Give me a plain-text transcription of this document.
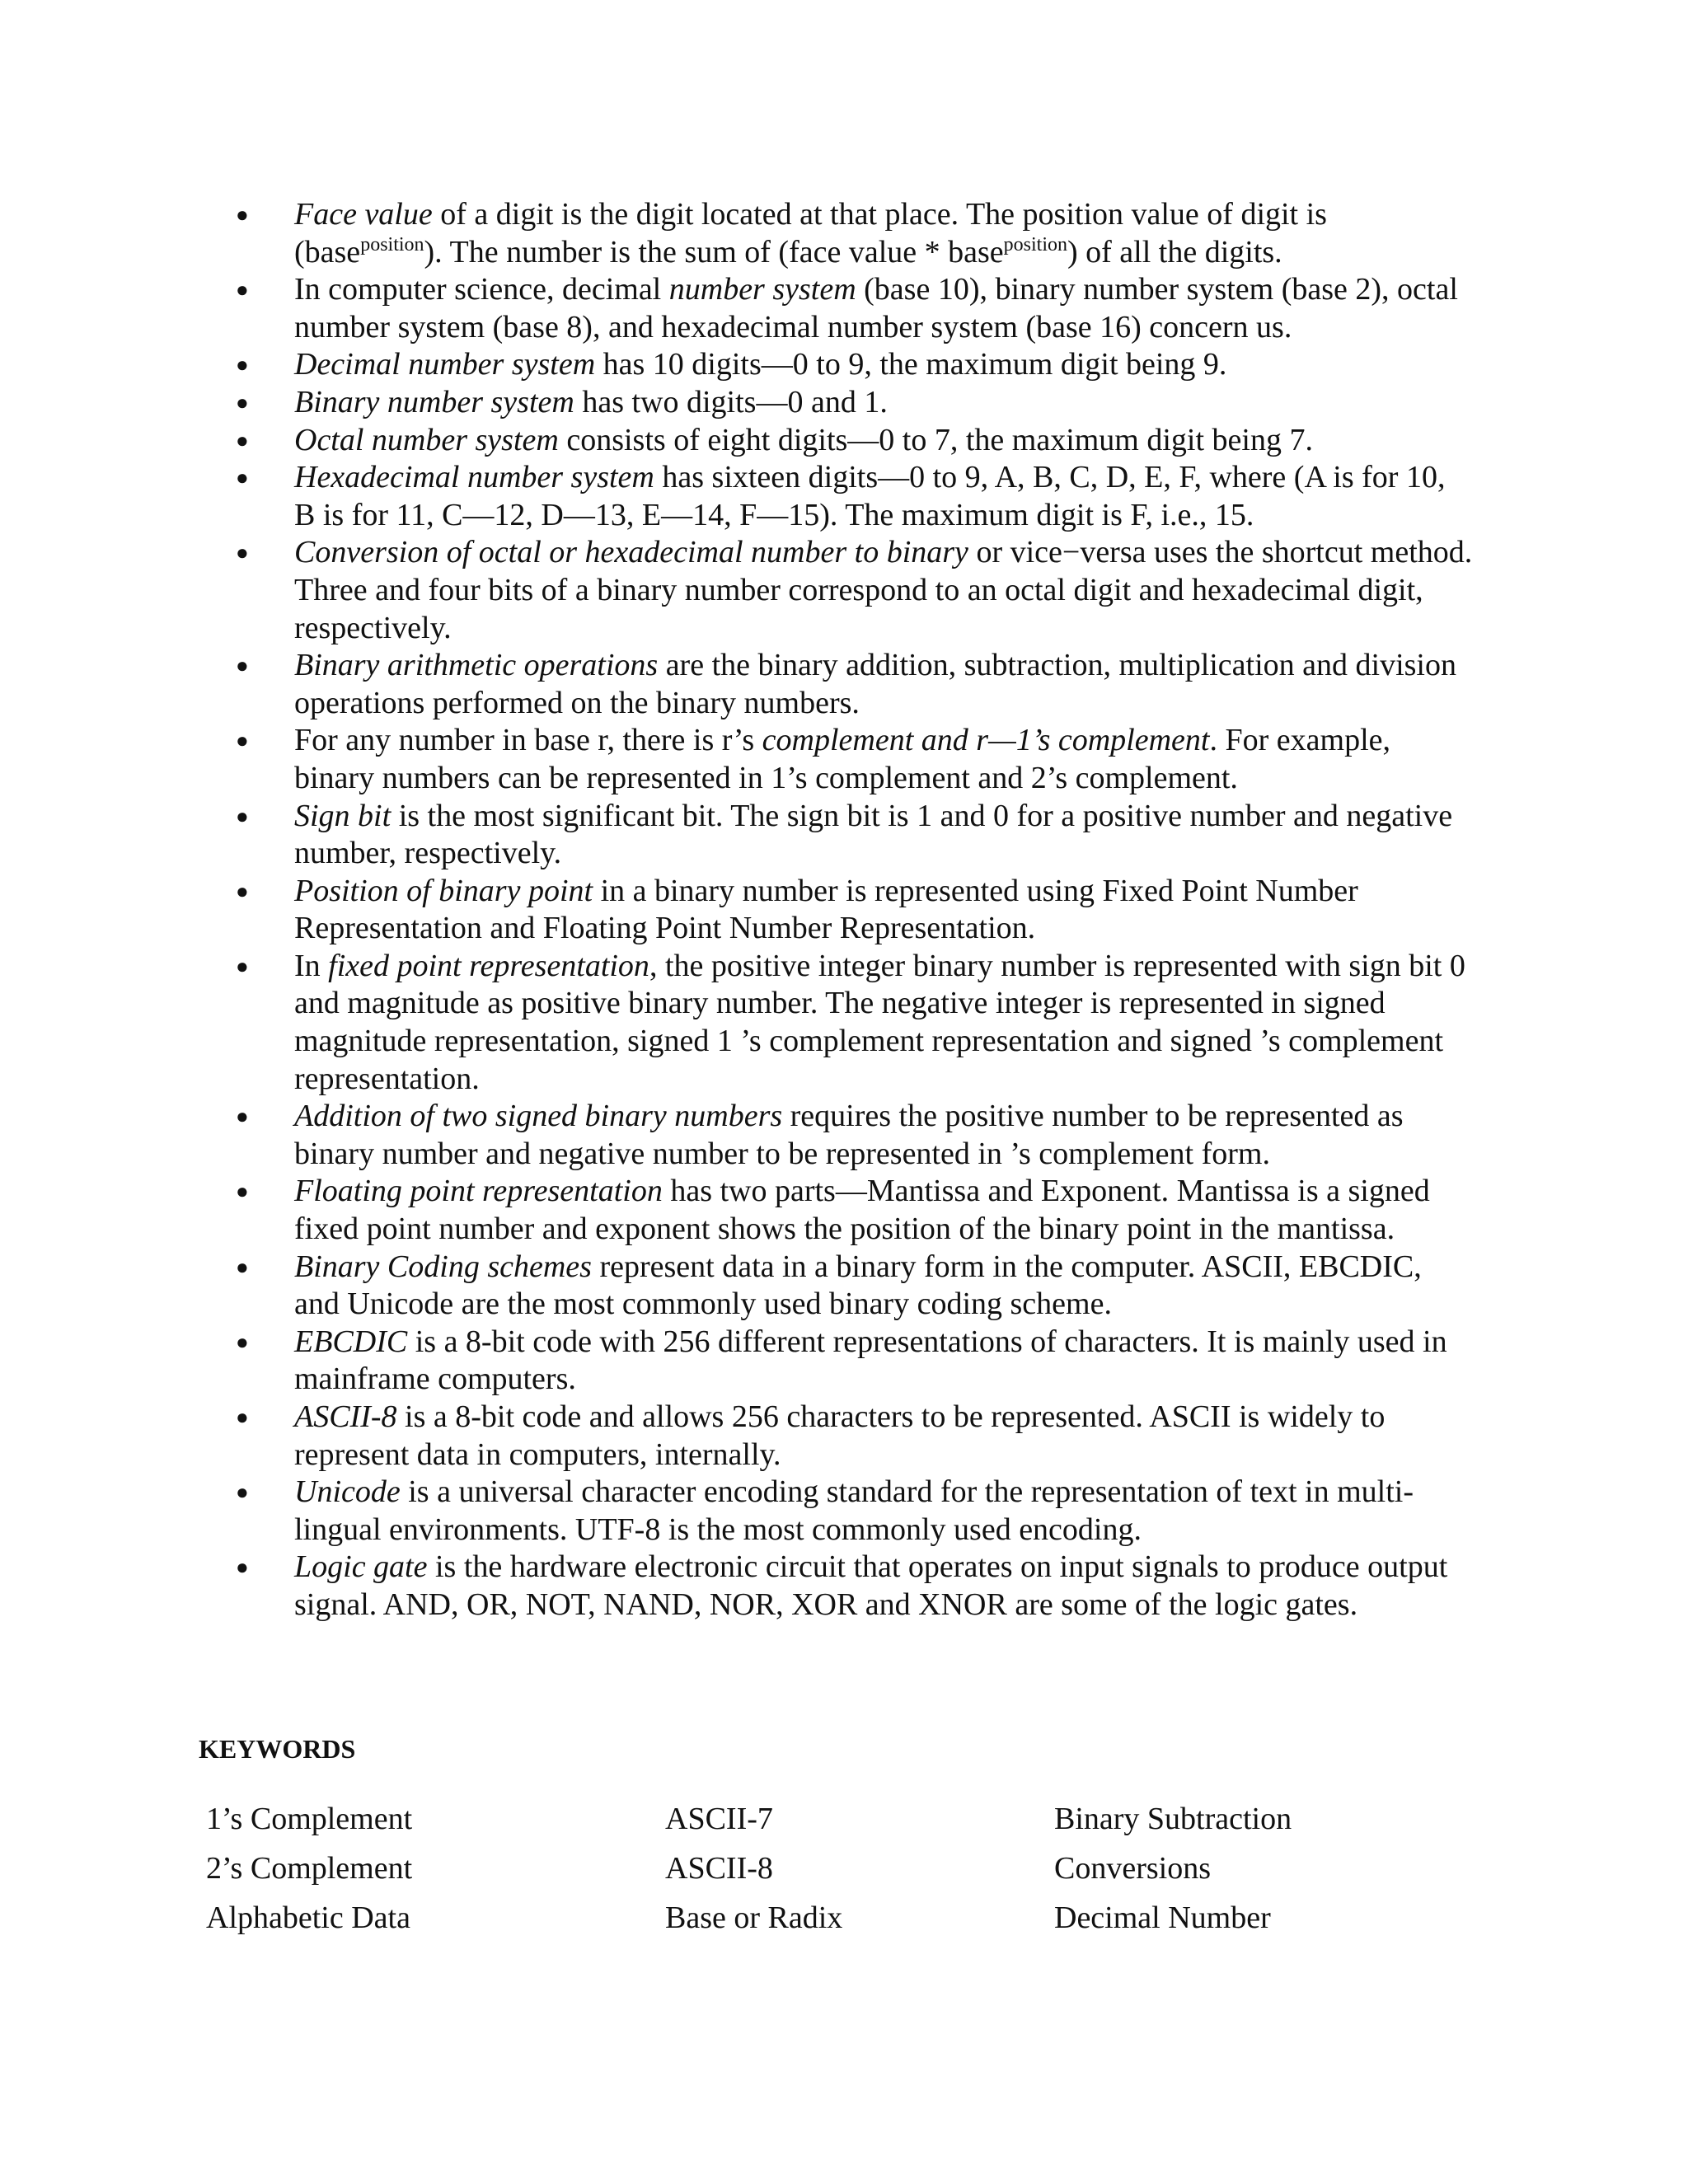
● Face value of a digit is the digit located at that place. The position value of digit is (base$^{position}$). The number is the sum of (face value * base$^{position}$) of all the digits.
● In computer science, decimal number system (base 10), binary number system (base 2), octal number system (base 8), and hexadecimal number system (base 16) concern us.
● Decimal number system has 10 digits—0 to 9, the maximum digit being 9.
● Binary number system has two digits—0 and 1.
● Octal number system consists of eight digits—0 to 7, the maximum digit being 7.
● Hexadecimal number system has sixteen digits—0 to 9, A, B, C, D, E, F, where (A is for 10, B is for 11, C—12, D—13, E—14, F—15). The maximum digit is F, i.e., 15.
● Conversion of octal or hexadecimal number to binary or vice−versa uses the shortcut method. Three and four bits of a binary number correspond to an octal digit and hexadecimal digit, respectively.
● Binary arithmetic operations are the binary addition, subtraction, multiplication and division operations performed on the binary numbers.
● For any number in base r, there is r’s complement and r—1’s complement. For example, binary numbers can be represented in 1’s complement and 2’s complement.
● Sign bit is the most significant bit. The sign bit is 1 and 0 for a positive number and negative number, respectively.
● Position of binary point in a binary number is represented using Fixed Point Number Representation and Floating Point Number Representation.
● In fixed point representation, the positive integer binary number is represented with sign bit 0 and magnitude as positive binary number. The negative integer is represented in signed magnitude representation, signed 1 ’s complement representation and signed ’s complement representation.
● Addition of two signed binary numbers requires the positive number to be represented as binary number and negative number to be represented in ’s complement form.
● Floating point representation has two parts—Mantissa and Exponent. Mantissa is a signed fixed point number and exponent shows the position of the binary point in the mantissa.
● Binary Coding schemes represent data in a binary form in the computer. ASCII, EBCDIC, and Unicode are the most commonly used binary coding scheme.
● EBCDIC is a 8-bit code with 256 different representations of characters. It is mainly used in mainframe computers.
● ASCII-8 is a 8-bit code and allows 256 characters to be represented. ASCII is widely to represent data in computers, internally.
● Unicode is a universal character encoding standard for the representation of text in multi-lingual environments. UTF-8 is the most commonly used encoding.
● Logic gate is the hardware electronic circuit that operates on input signals to produce output signal. AND, OR, NOT, NAND, NOR, XOR and XNOR are some of the logic gates.
KEYWORDS
1’s Complement	ASCII-7	Binary Subtraction
2’s Complement	ASCII-8	Conversions
Alphabetic Data	Base or Radix	Decimal Number
